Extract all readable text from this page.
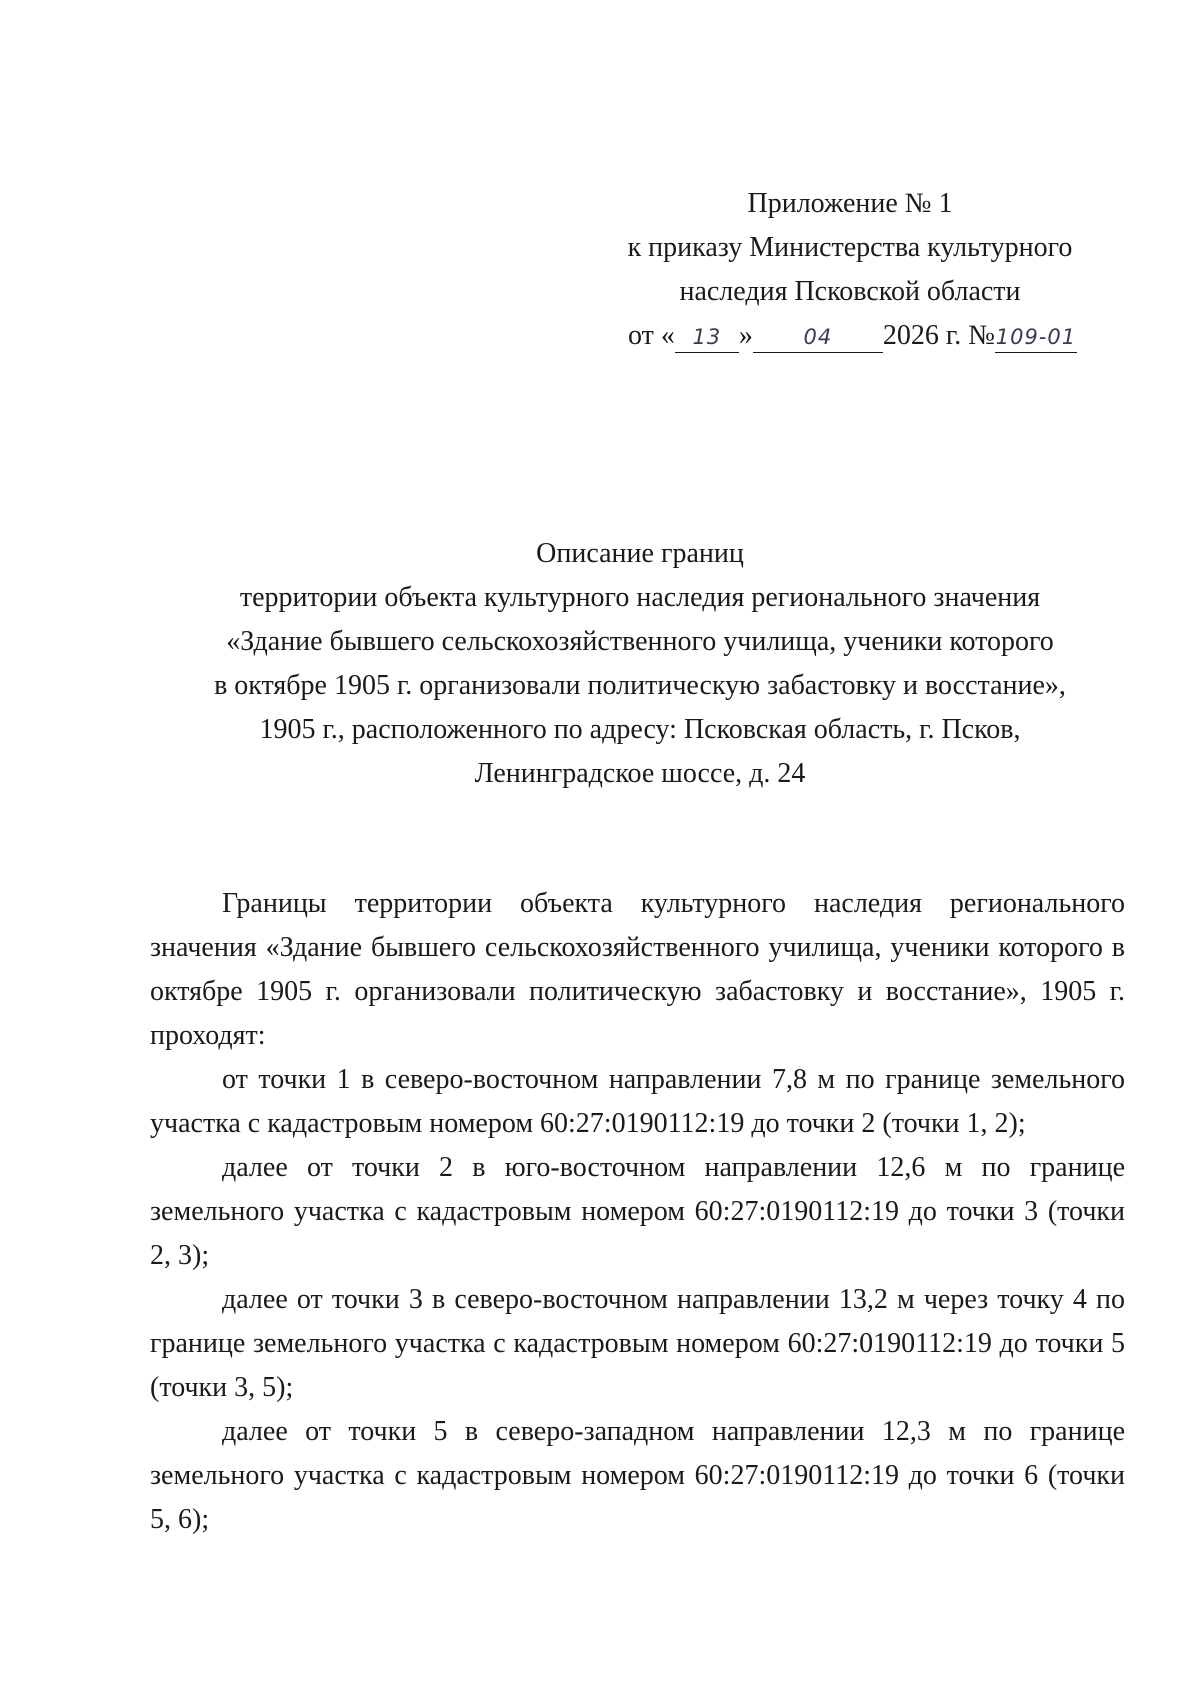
Приложение № 1
к приказу Министерства культурного
наследия Псковской области
от « 13 » 04 2026 г. №109-01
Описание границ
территории объекта культурного наследия регионального значения
«Здание бывшего сельскохозяйственного училища, ученики которого
в октябре 1905 г. организовали политическую забастовку и восстание»,
1905 г., расположенного по адресу: Псковская область, г. Псков,
Ленинградское шоссе, д. 24

Границы территории объекта культурного наследия регионального значения «Здание бывшего сельскохозяйственного училища, ученики которого в октябре 1905 г. организовали политическую забастовку и восстание», 1905 г. проходят:

от точки 1 в северо-восточном направлении 7,8 м по границе земельного участка с кадастровым номером 60:27:0190112:19 до точки 2 (точки 1, 2);

далее от точки 2 в юго-восточном направлении 12,6 м по границе земельного участка с кадастровым номером 60:27:0190112:19 до точки 3 (точки 2, 3);

далее от точки 3 в северо-восточном направлении 13,2 м через точку 4 по границе земельного участка с кадастровым номером 60:27:0190112:19 до точки 5 (точки 3, 5);

далее от точки 5 в северо-западном направлении 12,3 м по границе земельного участка с кадастровым номером 60:27:0190112:19 до точки 6 (точки 5, 6);
